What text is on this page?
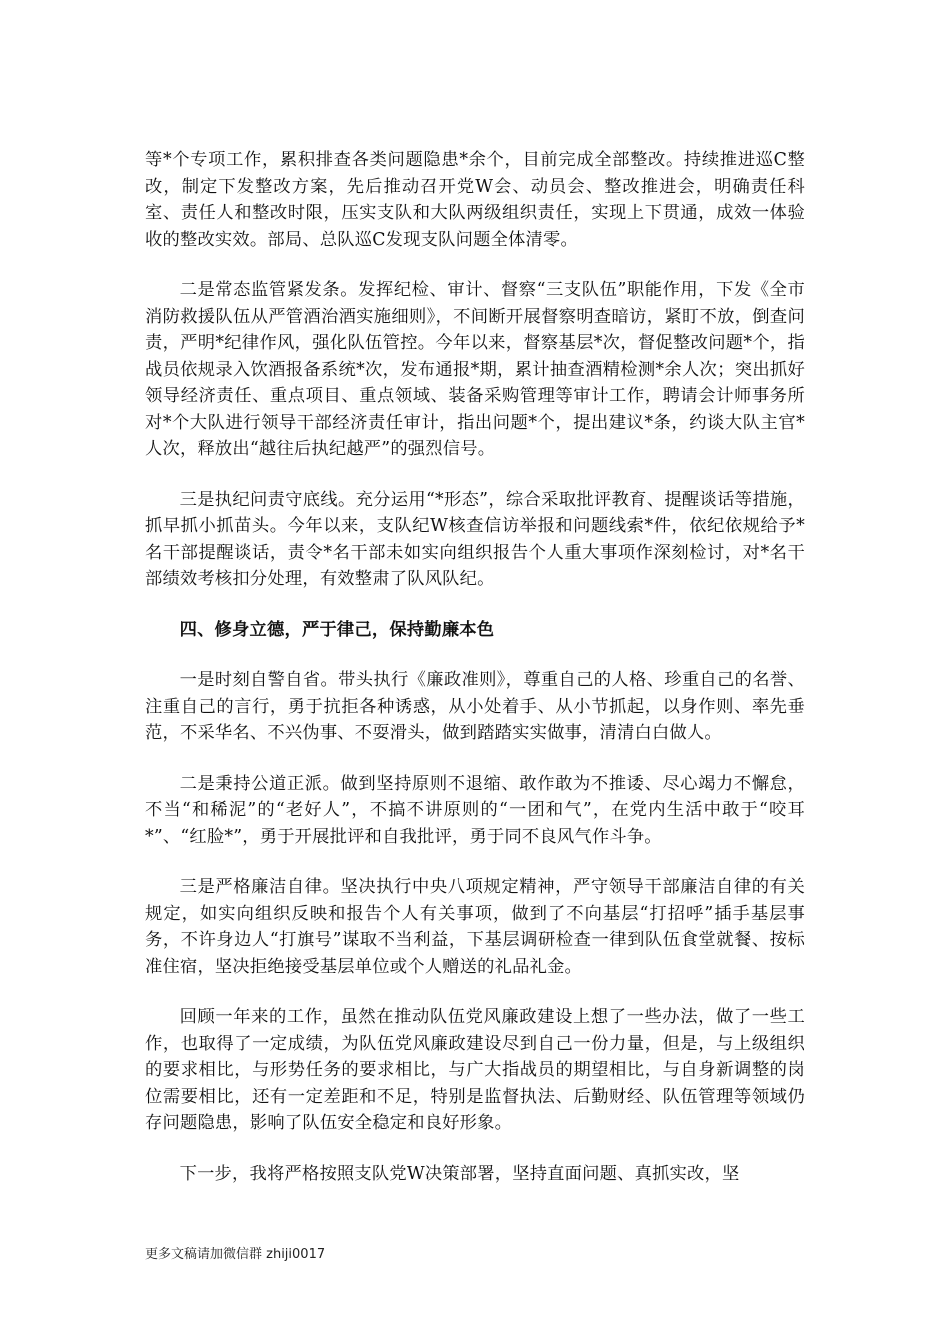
等*个专项工作，累积排查各类问题隐患*余个，目前完成全部整改。持续推进巡C整改，制定下发整改方案，先后推动召开党W会、动员会、整改推进会，明确责任科室、责任人和整改时限，压实支队和大队两级组织责任，实现上下贯通，成效一体验收的整改实效。部局、总队巡C发现支队问题全体清零。

二是常态监管紧发条。发挥纪检、审计、督察“三支队伍”职能作用，下发《全市消防救援队伍从严管酒治酒实施细则》，不间断开展督察明查暗访，紧盯不放，倒查问责，严明*纪律作风，强化队伍管控。今年以来，督察基层*次，督促整改问题*个，指战员依规录入饮酒报备系统*次，发布通报*期，累计抽查酒精检测*余人次；突出抓好领导经济责任、重点项目、重点领域、装备采购管理等审计工作，聘请会计师事务所对*个大队进行领导干部经济责任审计，指出问题*个，提出建议*条，约谈大队主官*人次，释放出“越往后执纪越严”的强烈信号。

三是执纪问责守底线。充分运用“*形态”，综合采取批评教育、提醒谈话等措施，抓早抓小抓苗头。今年以来，支队纪W核查信访举报和问题线索*件，依纪依规给予*名干部提醒谈话，责令*名干部未如实向组织报告个人重大事项作深刻检讨，对*名干部绩效考核扣分处理，有效整肃了队风队纪。

四、修身立德，严于律己，保持勤廉本色

一是时刻自警自省。带头执行《廉政准则》，尊重自己的人格、珍重自己的名誉、注重自己的言行，勇于抗拒各种诱惑，从小处着手、从小节抓起，以身作则、率先垂范，不采华名、不兴伪事、不耍滑头，做到踏踏实实做事，清清白白做人。

二是秉持公道正派。做到坚持原则不退缩、敢作敢为不推诿、尽心竭力不懈怠，不当“和稀泥”的“老好人”，不搞不讲原则的“一团和气”，在党内生活中敢于“咬耳*”、“红脸*”，勇于开展批评和自我批评，勇于同不良风气作斗争。

三是严格廉洁自律。坚决执行中央八项规定精神，严守领导干部廉洁自律的有关规定，如实向组织反映和报告个人有关事项，做到了不向基层“打招呼”插手基层事务，不许身边人“打旗号”谋取不当利益，下基层调研检查一律到队伍食堂就餐、按标准住宿，坚决拒绝接受基层单位或个人赠送的礼品礼金。

回顾一年来的工作，虽然在推动队伍党风廉政建设上想了一些办法，做了一些工作，也取得了一定成绩，为队伍党风廉政建设尽到自己一份力量，但是，与上级组织的要求相比，与形势任务的要求相比，与广大指战员的期望相比，与自身新调整的岗位需要相比，还有一定差距和不足，特别是监督执法、后勤财经、队伍管理等领域仍存问题隐患，影响了队伍安全稳定和良好形象。

下一步，我将严格按照支队党W决策部署，坚持直面问题、真抓实改，坚

更多文稿请加微信群 zhiji0017
